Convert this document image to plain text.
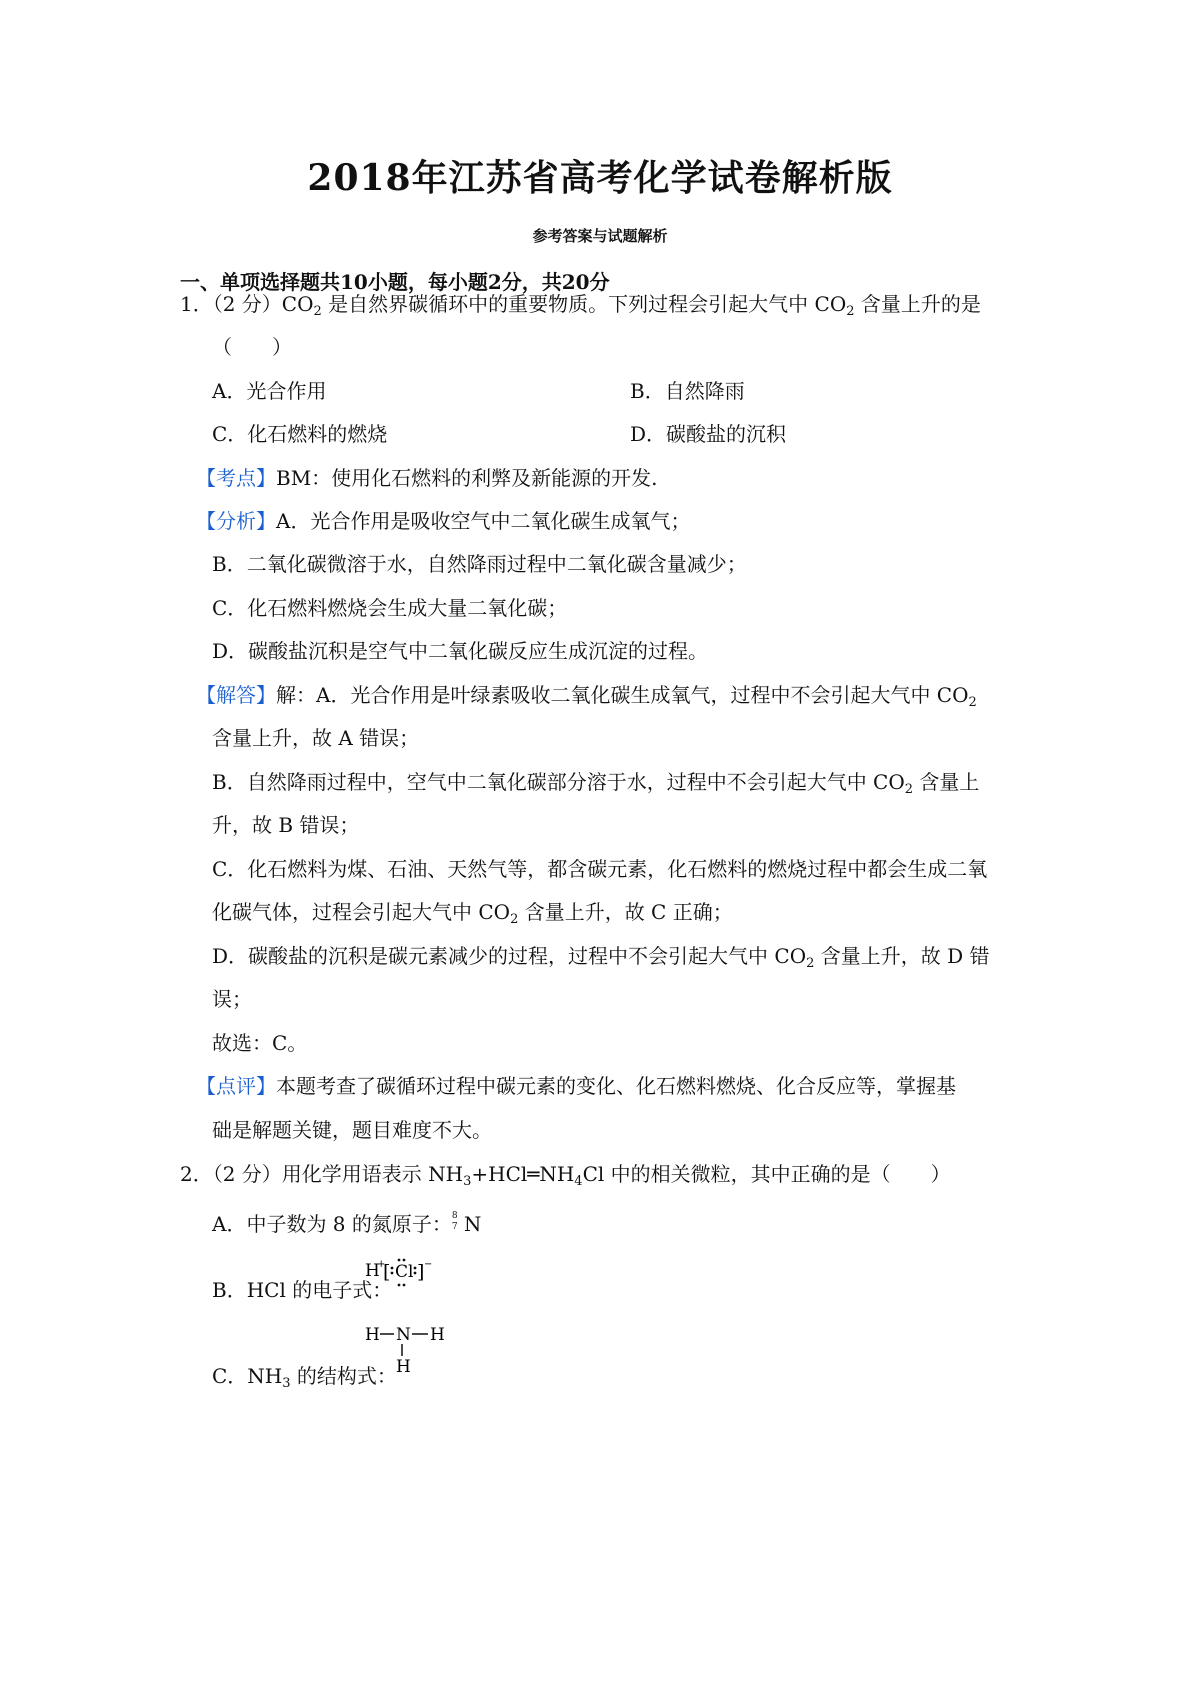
2018年江苏省高考化学试卷解析版
参考答案与试题解析
一、单项选择题共10小题，每小题2分，共20分
1．（2 分）$CO_2$ 是自然界碳循环中的重要物质。下列过程会引起大气中 $CO_2$ 含量上升的是
（　　）
A．光合作用	B．自然降雨
C．化石燃料的燃烧	D．碳酸盐的沉积
【考点】BM：使用化石燃料的利弊及新能源的开发.
【分析】A．光合作用是吸收空气中二氧化碳生成氧气；
B．二氧化碳微溶于水，自然降雨过程中二氧化碳含量减少；
C．化石燃料燃烧会生成大量二氧化碳；
D．碳酸盐沉积是空气中二氧化碳反应生成沉淀的过程。
【解答】解：A．光合作用是叶绿素吸收二氧化碳生成氧气，过程中不会引起大气中 $CO_2$
含量上升，故 A 错误；
B．自然降雨过程中，空气中二氧化碳部分溶于水，过程中不会引起大气中 $CO_2$ 含量上
升，故 B 错误；
C．化石燃料为煤、石油、天然气等，都含碳元素，化石燃料的燃烧过程中都会生成二氧
化碳气体，过程会引起大气中 $CO_2$ 含量上升，故 C 正确；
D．碳酸盐的沉积是碳元素减少的过程，过程中不会引起大气中 $CO_2$ 含量上升，故 D 错
误；
故选：C。
【点评】本题考查了碳循环过程中碳元素的变化、化石燃料燃烧、化合反应等，掌握基
础是解题关键，题目难度不大。
2．（2 分）用化学用语表示 $NH_3+HCl═NH_4Cl$ 中的相关微粒，其中正确的是（　　）
A．中子数为 8 的氮原子： 8
7 N
B．HCl 的电子式：
H
+
[ Cl ] −
C．$NH_3$ 的结构式：
H N H
H
